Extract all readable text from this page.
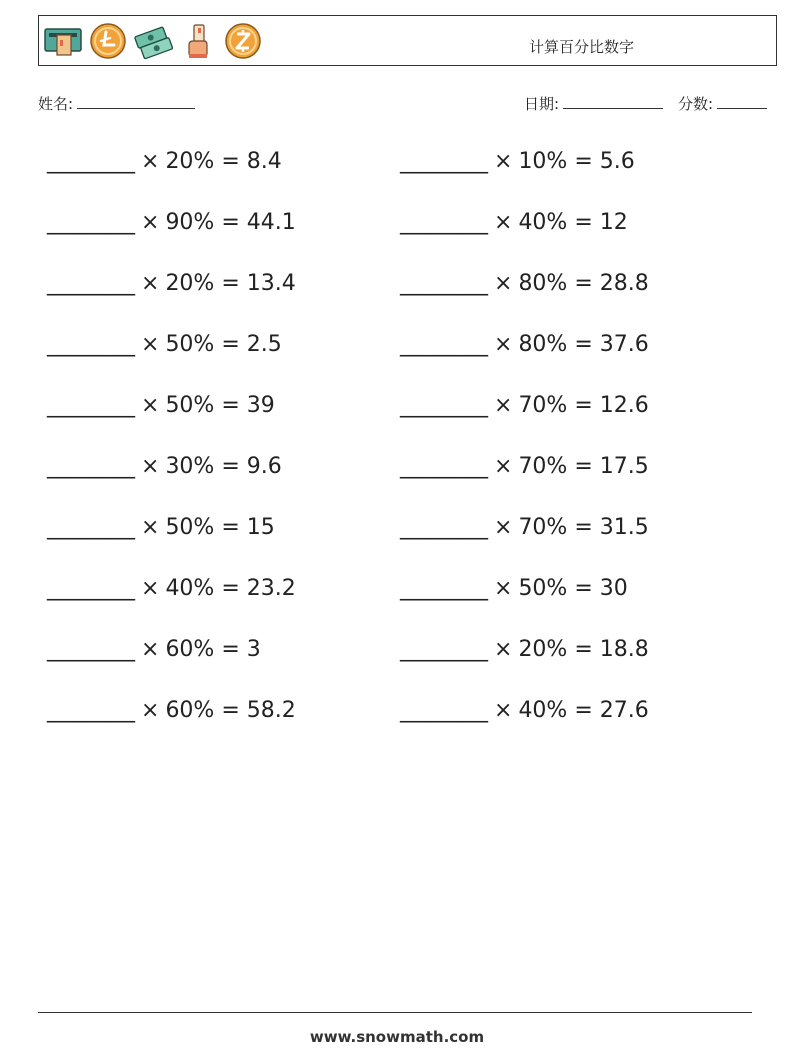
计算百分比数字
姓名:	日期:	分数:
________ × 20% = 8.4
________ × 90% = 44.1
________ × 20% = 13.4
________ × 50% = 2.5
________ × 50% = 39
________ × 30% = 9.6
________ × 50% = 15
________ × 40% = 23.2
________ × 60% = 3
________ × 60% = 58.2
________ × 10% = 5.6
________ × 40% = 12
________ × 80% = 28.8
________ × 80% = 37.6
________ × 70% = 12.6
________ × 70% = 17.5
________ × 70% = 31.5
________ × 50% = 30
________ × 20% = 18.8
________ × 40% = 27.6
www.snowmath.com
